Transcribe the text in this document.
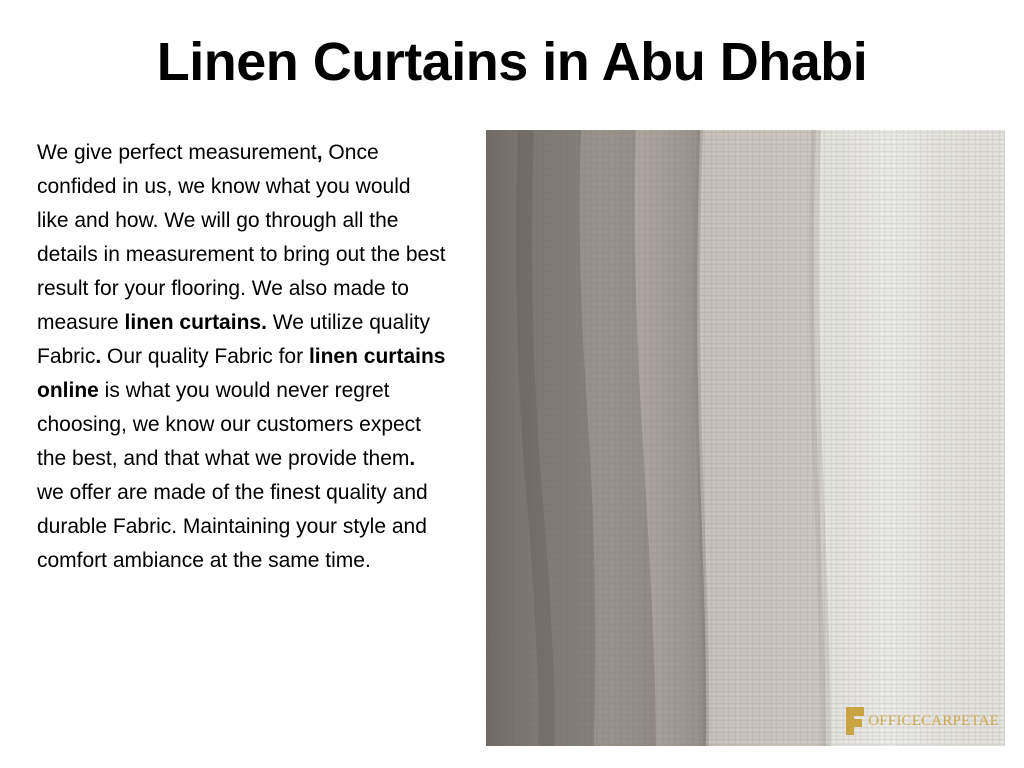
Linen Curtains in Abu Dhabi

We give perfect measurement, Once confided in us, we know what you would like and how. We will go through all the details in measurement to bring out the best result for your flooring. We also made to measure linen curtains. We utilize quality Fabric. Our quality Fabric for linen curtains online is what you would never regret choosing, we know our customers expect the best, and that what we provide them. we offer are made of the finest quality and durable Fabric. Maintaining your style and comfort ambiance at the same time.

OFFICECARPETAE
